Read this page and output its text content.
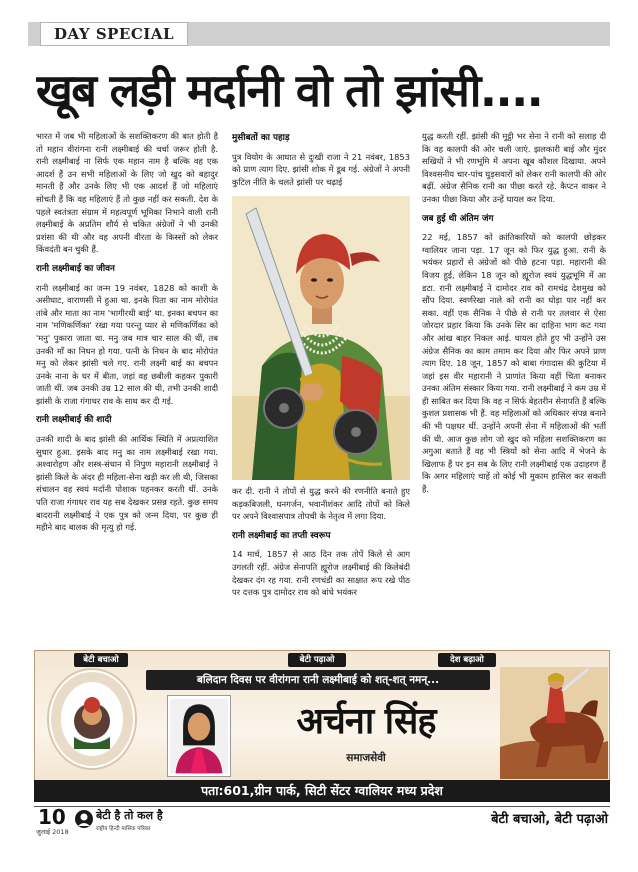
DAY SPECIAL
खूब लड़ी मर्दानी वो तो झांसी....

भारत में जब भी महिलाओं के सशक्तिकरण की बात होती है तो महान वीरांगना रानी लक्ष्मीबाई की चर्चा जरूर होती है. रानी लक्ष्मीबाई ना सिर्फ एक महान नाम है बल्कि वह एक आदर्श हैं उन सभी महिलाओं के लिए जो खुद को बहादुर मानती हैं और उनके लिए भी एक आदर्श हैं जो महिलाएं सोचती हैं कि वह महिलाएं हैं तो कुछ नहीं कर सकती. देश के पहले स्वतंत्रता संग्राम में महत्वपूर्ण भूमिका निभाने वाली रानी लक्ष्मीबाई के अप्रतिम शौर्य से चकित अंग्रेजों ने भी उनकी प्रशंसा की थी और वह अपनी वीरता के किस्सों को लेकर किंवदंती बन चुकी हैं.

रानी लक्ष्मीबाई का जीवन

रानी लक्ष्मीबाई का जन्म 19 नवंबर, 1828 को काशी के असीघाट, वाराणसी में हुआ था. इनके पिता का नाम मोरोपंत तांबे और माता का नाम 'भागीरथी बाई' था. इनका बचपन का नाम 'मणिकर्णिका' रखा गया परन्तु प्यार से मणिकर्णिका को 'मनु' पुकारा जाता था. मनु जब मात्र चार साल की थीं, तब उनकी माँ का निधन हो गया. पत्नी के निधन के बाद मोरोपंत मनु को लेकर झांसी चले गए. रानी लक्ष्मी बाई का बचपन उनके नाना के घर में बीता, जहां वह छबीली कहकर पुकारी जाती थीं. जब उनकी उम्र 12 साल की थी, तभी उनकी शादी झांसी के राजा गंगाधर राव के साथ कर दी गई.

रानी लक्ष्मीबाई की शादी

उनकी शादी के बाद झांसी की आर्थिक स्थिति में अप्रत्याशित सुधार हुआ. इसके बाद मनु का नाम लक्ष्मीबाई रखा गया. अश्वारोहण और शस्त्र-संधान में निपुण महारानी लक्ष्मीबाई ने झांसी किले के अंदर ही महिला-सेना खड़ी कर ली थी, जिसका संचालन वह स्वयं मर्दानी पोशाक पहनकर करती थीं. उनके पति राजा गंगाधर राव यह सब देखकर प्रसन्न रहते. कुछ समय बादरानी लक्ष्मीबाई ने एक पुत्र को जन्म दिया, पर कुछ ही महीने बाद बालक की मृत्यु हो गई.

मुसीबतों का पहाड़

पुत्र वियोग के आघात से दुःखी राजा ने 21 नवंबर, 1853 को प्राण त्याग दिए. झांसी शोक में डूब गई. अंग्रेजों ने अपनी कुटिल नीति के चलते झांसी पर चढ़ाई

कर दी. रानी ने तोपों से युद्ध करने की रणनीति बनाते हुए कड़कबिजली, घनगर्जन, भवानीशंकर आदि तोपों को किले पर अपने विश्वासपात्र तोपची के नेतृत्व में लगा दिया.

रानी लक्ष्मीबाई का तप्ती स्वरूप

14 मार्च, 1857 से आठ दिन तक तोपें किले से आग उगलती रहीं. अंग्रेज सेनापति ह्यूरोज लक्ष्मीबाई की किलेबंदी देखकर दंग रह गया. रानी रणचंडी का साक्षात रूप रखे पीठ पर दत्तक पुत्र दामोदर राव को बांधे भयंकर

युद्ध करती रहीं. झांसी की मुट्ठी भर सेना ने रानी को सलाह दी कि वह कालपी की ओर चली जाएं. झलकारी बाई और मुंदर सखियों ने भी रणभूमि में अपना खूब कौशल दिखाया. अपने विश्वसनीय चार-पांच घुड़सवारों को लेकर रानी कालपी की ओर बढ़ीं. अंग्रेज सैनिक रानी का पीछा करते रहे. कैप्टन वाकर ने उनका पीछा किया और उन्हें घायल कर दिया.

जब हुई थी अंतिम जंग

22 मई, 1857 को क्रांतिकारियों को कालपी छोड़कर ग्वालियर जाना पड़ा. 17 जून को फिर युद्ध हुआ. रानी के भयंकर प्रहारों से अंग्रेजों को पीछे हटना पड़ा. महारानी की विजय हुई, लेकिन 18 जून को ह्यूरोज स्वयं युद्धभूमि में आ डटा. रानी लक्ष्मीबाई ने दामोदर राव को रामचंद्र देशमुख को सौंप दिया. स्वर्णरेखा नाले को रानी का घोड़ा पार नहीं कर सका. वहीं एक सैनिक ने पीछे से रानी पर तलवार से ऐसा जोरदार प्रहार किया कि उनके सिर का दाहिना भाग कट गया और आंख बाहर निकल आई. घायल होते हुए भी उन्होंने उस अंग्रेज सैनिक का काम तमाम कर दिया और फिर अपने प्राण त्याग दिए. 18 जून, 1857 को बाबा गंगादास की कुटिया में जहां इस वीर महारानी ने प्राणांत किया वहीं चिता बनाकर उनका अंतिम संस्कार किया गया. रानी लक्ष्मीबाई ने कम उम्र में ही साबित कर दिया कि वह न सिर्फ बेहतरीन सेनापति हैं बल्कि कुशल प्रशासक भी हैं. वह महिलाओं को अधिकार संपन्न बनाने की भी पक्षधर थीं. उन्होंने अपनी सेना में महिलाओं की भर्ती की थी. आज कुछ लोग जो खुद को महिला सशक्तिकरण का अगुआ बताते हैं वह भी स्त्रियों को सेना आदि में भेजने के खिलाफ हैं पर इन सब के लिए रानी लक्ष्मीबाई एक उदाहरण हैं कि अगर महिलाएं चाहें तो कोई भी मुकाम हासिल कर सकती हैं.

बेटी बचाओ	बेटी पढ़ाओ	देश बढ़ाओ
बलिदान दिवस पर वीरांगना रानी लक्ष्मीबाई को शत्-शत् नमन्...
अर्चना सिंह
समाजसेवी
पता:601,ग्रीन पार्क, सिटी सेंटर ग्वालियर मध्य प्रदेश
10
जुलाई 2018
बेटी है तो कल है
राष्ट्रीय हिन्दी मासिक पत्रिका
बेटी बचाओ, बेटी पढ़ाओ
